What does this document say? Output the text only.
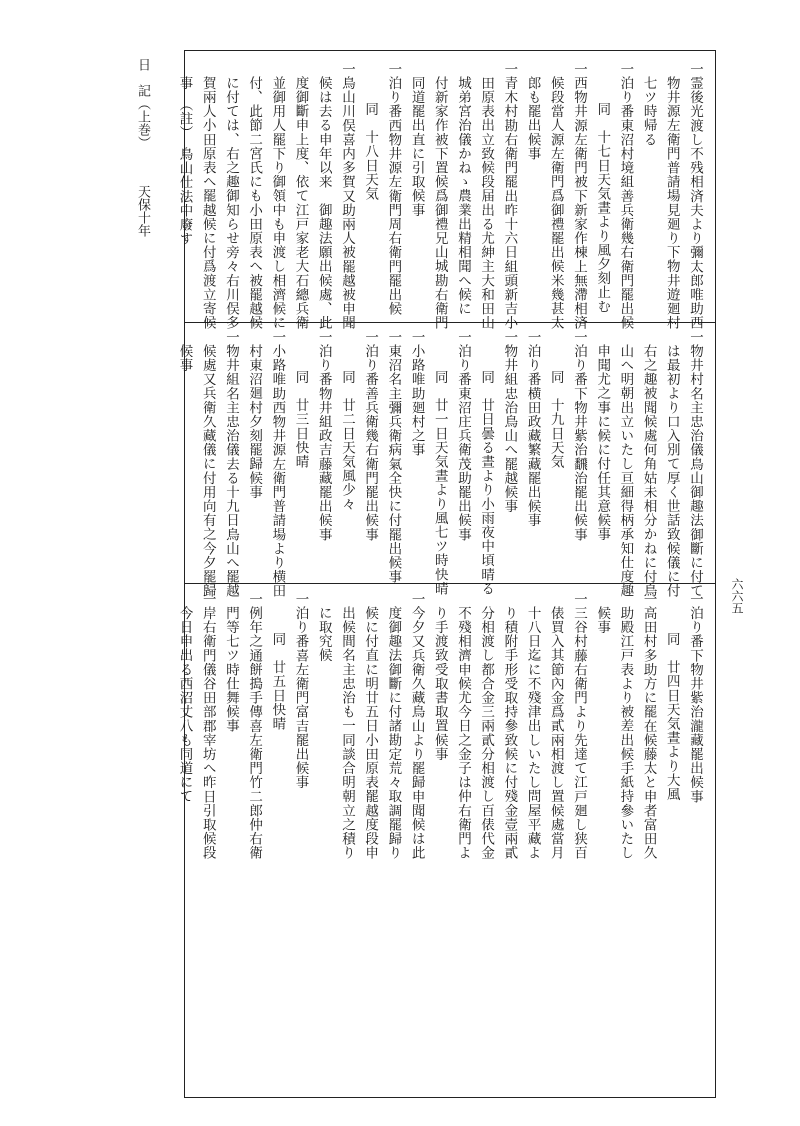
日　記（上巻）天保十年	一霊後光渡し不残相済夫より彌太郎唯助西
物井源左衛門普請場見廻り下物井遊廻村
七ツ時帰る
一泊り番東沼村境組善兵衛幾右衛門罷出候
同　十七日天気晝より風夕刻止む
一西物井源左衛門被下新家作棟上無滯相済
候段當人源左衛門爲御禮罷出候米幾甚太
郎も罷出候事
一青木村勘右衛門罷出昨十六日組頭新吉小
田原表出立致候段届出る尤紳主大和田山
城弟宮治儀かねゝ農業出精相聞へ候に
付新家作被下置候爲御禮兄山城勘右衛門
同道罷出直に引取候事
一泊り番西物井源左衛門周右衛門罷出候
同　十八日天気
一鳥山川俣喜内多賀又助兩人被罷越被申聞
候は去る申年以来　御趣法願出候處、此
度御斷申上度、依て江戸家老大石總兵衛
並御用人罷下り御領中も申渡し相濟候に
付、此節二宮氏にも小田原表へ被罷越候
に付ては、右之趣御知らせ旁々右川俣多
賀兩人小田原表へ罷越候に付爲渡立寄候
事　（註）　鳥山仕法中廢す
一物井村名主忠治儀鳥山御趣法御斷に付て
は最初より口入別て厚く世話致候儀に付
右之趣被聞候處何角姑未相分かねに付鳥
山へ明朝出立いたし亘細得柄承知仕度趣
申聞尤之事に候に付任其意候事
一泊り番下物井紫治飜治罷出候事
同　十九日天気
一泊り番横田政藏繁藏罷出候事
一物井組忠治鳥山へ罷越候事
同　廿日曇る晝より小雨夜中頃晴る
一泊り番東沼庄兵衛茂助罷出候事
同　廿一日天気晝より風七ツ時快晴
一小路唯助廻村之事
一東沼名主彌兵衛病氣全快に付罷出候事
一泊り番善兵衛幾右衛門罷出候事
同　廿二日天気風少々
一泊り番物井組政吉藤藏罷出候事
同　廿三日快晴
一小路唯助西物井源左衛門普請場より横田
村東沼廻村夕刻罷歸候事
一物井組名主忠治儀去る十九日鳥山へ罷越
候處又兵衛久藏儀に付用向有之今夕罷歸
候事
一泊り番下物井紫治瀧藏罷出候事
同　廿四日天気晝より大風
一高田村多助方に罷在候藤太と申者富田久
助殿江戸表より被差出候手紙持參いたし
候事
一三谷村藤右衛門より先達て江戸廻し狭百
俵買入其節內金爲貳兩相渡し置候處當月
十八日迄に不殘津出しいたし問屋平藏よ
り積附手形受取持參致候に付殘金壹兩貳
分相渡し都合金三兩貳分相渡し百俵代金
不殘相濟申候尤今日之金子は仲右衛門よ
り手渡致受取書取置候事
一今夕又兵衛久藏鳥山より罷歸申聞候は此
度御趣法御斷に付諸勘定荒々取調罷歸り
候に付直に明廿五日小田原表罷越度段申
出候間名主忠治も一同談合明朝立之積り
に取究候
一泊り番喜左衛門富吉罷出候事
同　廿五日快晴
一例年之通餅搗手傳喜左衛門竹二郎仲右衛
門等七ツ時仕舞候事
一岸右衛門儀谷田部郡宰坊へ昨日引取候段
今日申出る西沼丈八も同道にて
六六五
